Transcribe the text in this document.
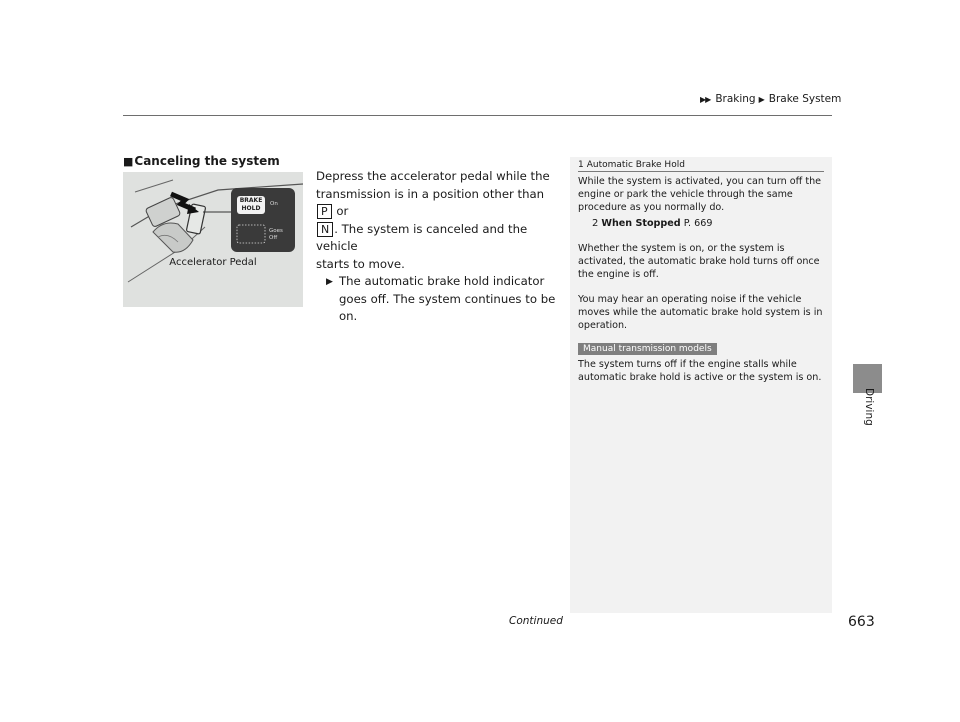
▶▶ Braking ▶ Brake System
Driving
■Canceling the system
BRAKE HOLD
On
Goes Off
Accelerator Pedal
Depress the accelerator pedal while the
transmission is in a position other than P or
N . The system is canceled and the vehicle
starts to move.
▶ The automatic brake hold indicator goes off. The system continues to be on.
1 Automatic Brake Hold

While the system is activated, you can turn off the engine or park the vehicle through the same procedure as you normally do.

2 When Stopped P. 669

Whether the system is on, or the system is activated, the automatic brake hold turns off once the engine is off.

You may hear an operating noise if the vehicle moves while the automatic brake hold system is in operation.

Manual transmission models

The system turns off if the engine stalls while automatic brake hold is active or the system is on.

Continued	663
